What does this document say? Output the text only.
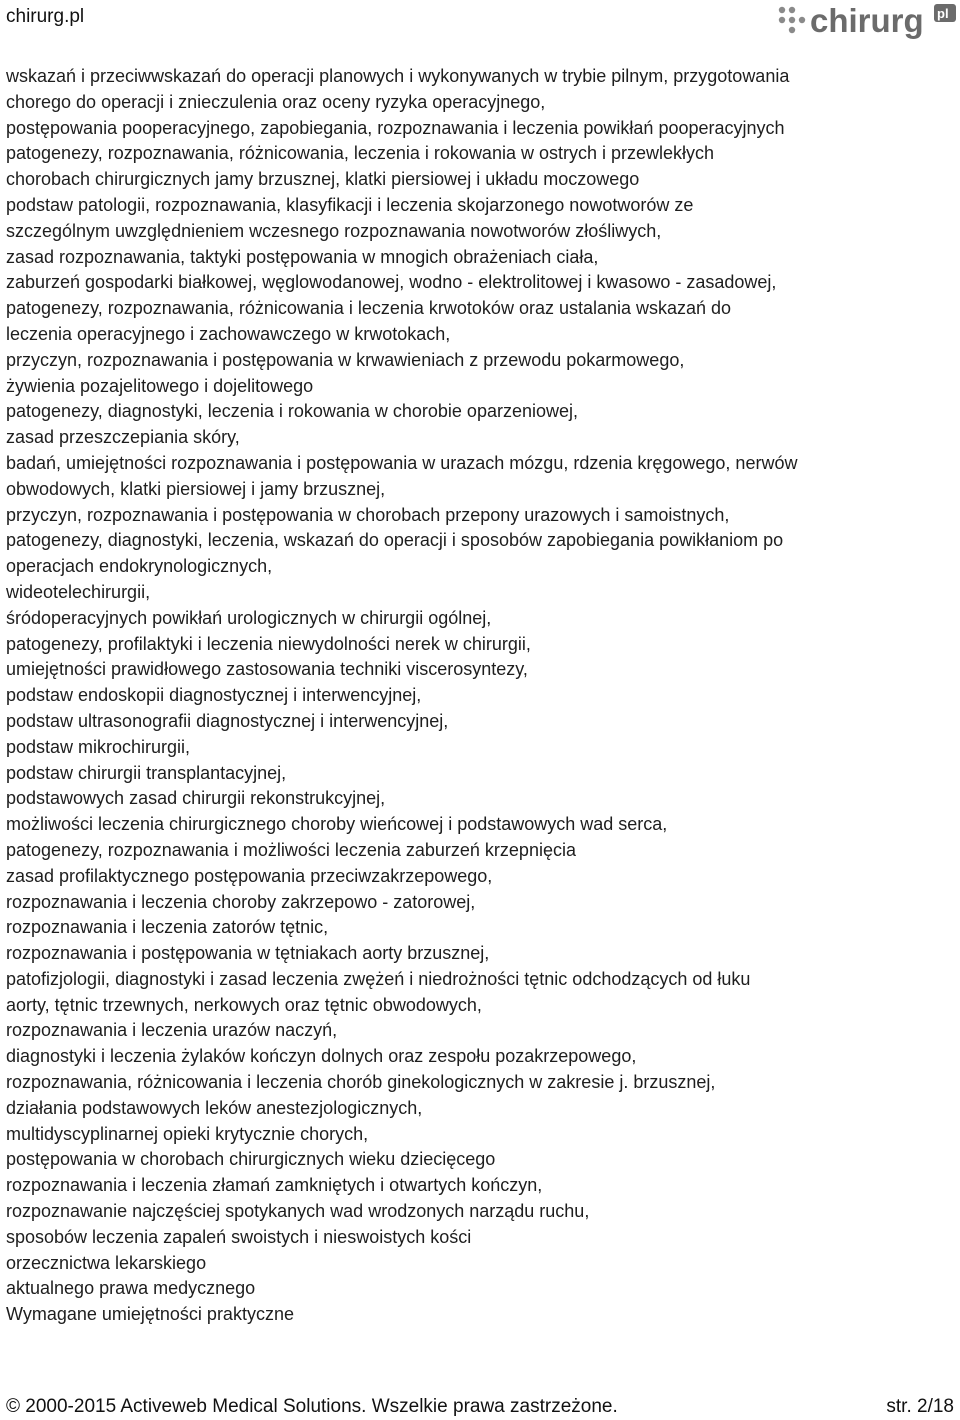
chirurg.pl	chirurg pl
wskazań i przeciwwskazań do operacji planowych i wykonywanych w trybie pilnym, przygotowania
chorego do operacji i znieczulenia oraz oceny ryzyka operacyjnego,
postępowania pooperacyjnego, zapobiegania, rozpoznawania i leczenia powikłań pooperacyjnych
patogenezy, rozpoznawania, różnicowania, leczenia i rokowania w ostrych i przewlekłych
chorobach chirurgicznych jamy brzusznej, klatki piersiowej i układu moczowego
podstaw patologii, rozpoznawania, klasyfikacji i leczenia skojarzonego nowotworów ze
szczególnym uwzględnieniem wczesnego rozpoznawania nowotworów złośliwych,
zasad rozpoznawania, taktyki postępowania w mnogich obrażeniach ciała,
zaburzeń gospodarki białkowej, węglowodanowej, wodno - elektrolitowej i kwasowo - zasadowej,
patogenezy, rozpoznawania, różnicowania i leczenia krwotoków oraz ustalania wskazań do
leczenia operacyjnego i zachowawczego w krwotokach,
przyczyn, rozpoznawania i postępowania w krwawieniach z przewodu pokarmowego,
żywienia pozajelitowego i dojelitowego
patogenezy, diagnostyki, leczenia i rokowania w chorobie oparzeniowej,
zasad przeszczepiania skóry,
badań, umiejętności rozpoznawania i postępowania w urazach mózgu, rdzenia kręgowego, nerwów
obwodowych, klatki piersiowej i jamy brzusznej,
przyczyn, rozpoznawania i postępowania w chorobach przepony urazowych i samoistnych,
patogenezy, diagnostyki, leczenia, wskazań do operacji i sposobów zapobiegania powikłaniom po
operacjach endokrynologicznych,
wideotelechirurgii,
śródoperacyjnych powikłań urologicznych w chirurgii ogólnej,
patogenezy, profilaktyki i leczenia niewydolności nerek w chirurgii,
umiejętności prawidłowego zastosowania techniki viscerosyntezy,
podstaw endoskopii diagnostycznej i interwencyjnej,
podstaw ultrasonografii diagnostycznej i interwencyjnej,
podstaw mikrochirurgii,
podstaw chirurgii transplantacyjnej,
podstawowych zasad chirurgii rekonstrukcyjnej,
możliwości leczenia chirurgicznego choroby wieńcowej i podstawowych wad serca,
patogenezy, rozpoznawania i możliwości leczenia zaburzeń krzepnięcia
zasad profilaktycznego postępowania przeciwzakrzepowego,
rozpoznawania i leczenia choroby zakrzepowo - zatorowej,
rozpoznawania i leczenia zatorów tętnic,
rozpoznawania i postępowania w tętniakach aorty brzusznej,
patofizjologii, diagnostyki i zasad leczenia zwężeń i niedrożności tętnic odchodzących od łuku
aorty, tętnic trzewnych, nerkowych oraz tętnic obwodowych,
rozpoznawania i leczenia urazów naczyń,
diagnostyki i leczenia żylaków kończyn dolnych oraz zespołu pozakrzepowego,
rozpoznawania, różnicowania i leczenia chorób ginekologicznych w zakresie j. brzusznej,
działania podstawowych leków anestezjologicznych,
multidyscyplinarnej opieki krytycznie chorych,
postępowania w chorobach chirurgicznych wieku dziecięcego
rozpoznawania i leczenia złamań zamkniętych i otwartych kończyn,
rozpoznawanie najczęściej spotykanych wad wrodzonych narządu ruchu,
sposobów leczenia zapaleń swoistych i nieswoistych kości
orzecznictwa lekarskiego
aktualnego prawa medycznego
Wymagane umiejętności praktyczne
© 2000-2015 Activeweb Medical Solutions. Wszelkie prawa zastrzeżone.	str. 2/18
